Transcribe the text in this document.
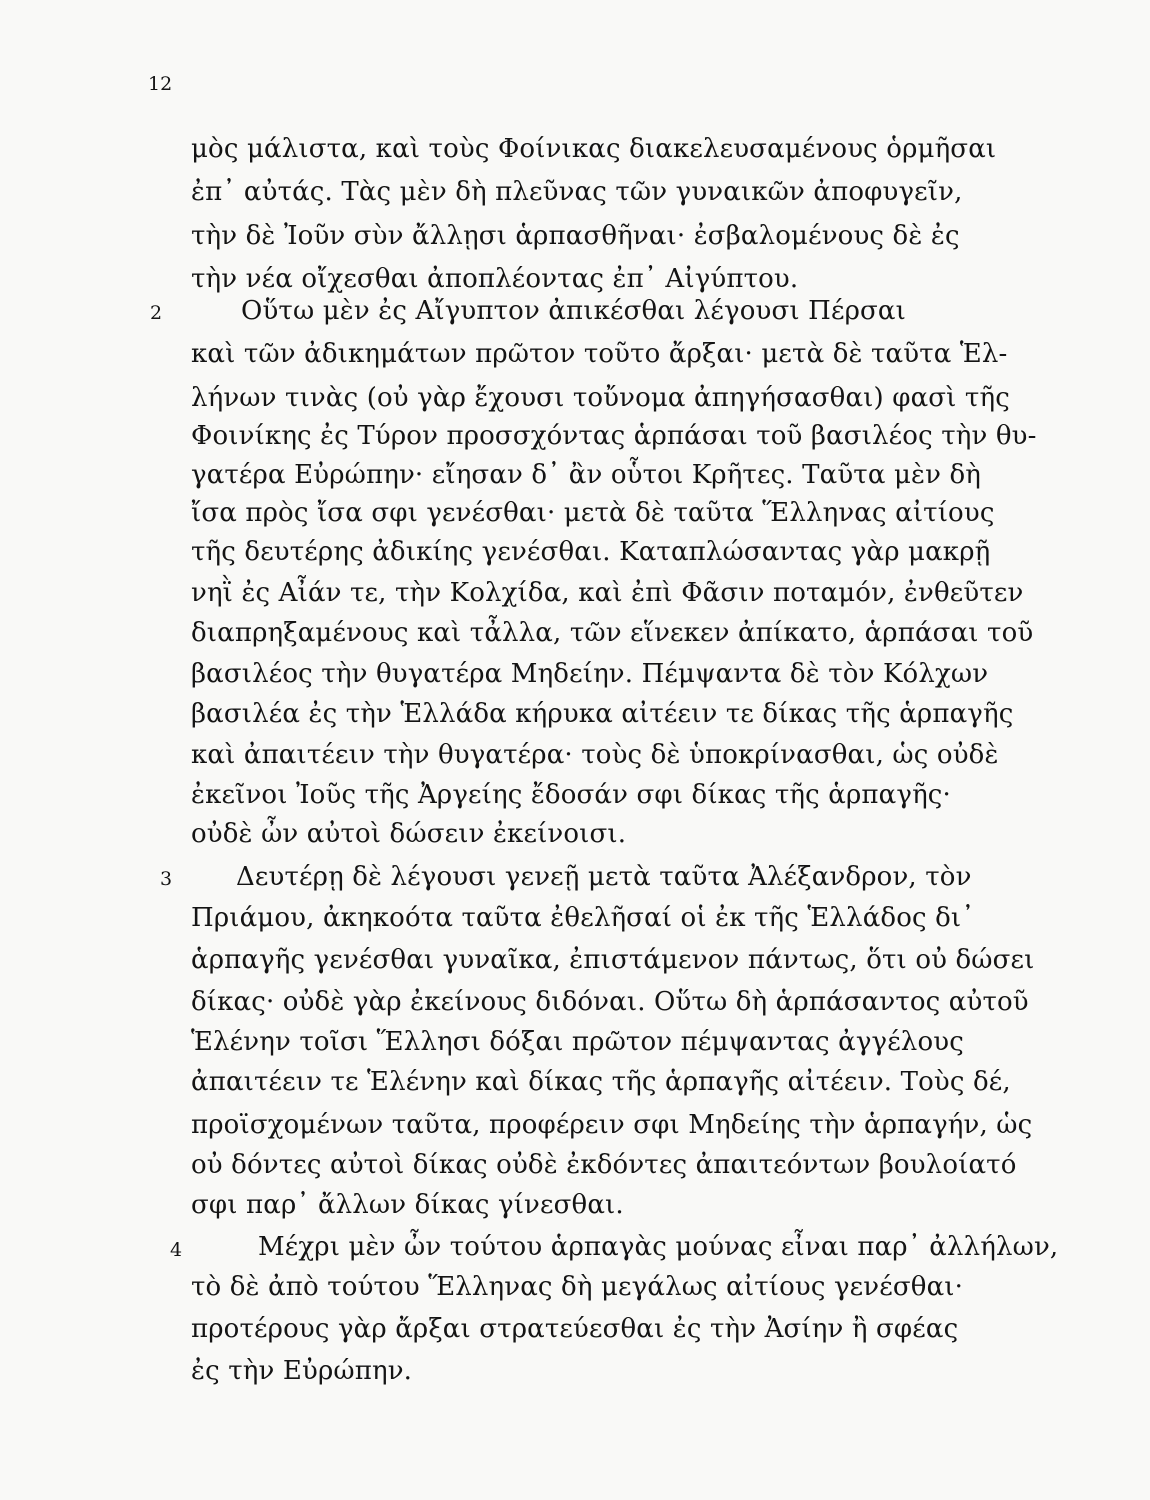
12
2
3
4
μὸς μάλιστα, καὶ τοὺς Φοίνικας διακελευσαμένους ὁρμῆσαι
ἐπ᾽ αὐτάς. Τὰς μὲν δὴ πλεῦνας τῶν γυναικῶν ἀποφυγεῖν,
τὴν δὲ Ἰοῦν σὺν ἄλλῃσι ἁρπασθῆναι· ἐσβαλομένους δὲ ἐς
τὴν νέα οἴχεσθαι ἀποπλέοντας ἐπ᾽ Αἰγύπτου.
Οὕτω μὲν ἐς Αἴγυπτον ἀπικέσθαι λέγουσι Πέρσαι
καὶ τῶν ἀδικημάτων πρῶτον τοῦτο ἄρξαι· μετὰ δὲ ταῦτα Ἑλ-
λήνων τινὰς (οὐ γὰρ ἔχουσι τοὔνομα ἀπηγήσασθαι) φασὶ τῆς
Φοινίκης ἐς Τύρον προσσχόντας ἁρπάσαι τοῦ βασιλέος τὴν θυ-
γατέρα Εὐρώπην· εἴησαν δ᾽ ἂν οὗτοι Κρῆτες. Ταῦτα μὲν δὴ
ἴσα πρὸς ἴσα σφι γενέσθαι· μετὰ δὲ ταῦτα Ἕλληνας αἰτίους
τῆς δευτέρης ἀδικίης γενέσθαι. Καταπλώσαντας γὰρ μακρῇ
νηῒ ἐς Αἶάν τε, τὴν Κολχίδα, καὶ ἐπὶ Φᾶσιν ποταμόν, ἐνθεῦτεν
διαπρηξαμένους καὶ τἆλλα, τῶν εἵνεκεν ἀπίκατο, ἁρπάσαι τοῦ
βασιλέος τὴν θυγατέρα Μηδείην. Πέμψαντα δὲ τὸν Κόλχων
βασιλέα ἐς τὴν Ἑλλάδα κήρυκα αἰτέειν τε δίκας τῆς ἁρπαγῆς
καὶ ἀπαιτέειν τὴν θυγατέρα· τοὺς δὲ ὑποκρίνασθαι, ὡς οὐδὲ
ἐκεῖνοι Ἰοῦς τῆς Ἀργείης ἔδοσάν σφι δίκας τῆς ἁρπαγῆς·
οὐδὲ ὦν αὐτοὶ δώσειν ἐκείνοισι.
Δευτέρῃ δὲ λέγουσι γενεῇ μετὰ ταῦτα Ἀλέξανδρον, τὸν
Πριάμου, ἀκηκοότα ταῦτα ἐθελῆσαί οἱ ἐκ τῆς Ἑλλάδος δι᾽
ἁρπαγῆς γενέσθαι γυναῖκα, ἐπιστάμενον πάντως, ὅτι οὐ δώσει
δίκας· οὐδὲ γὰρ ἐκείνους διδόναι. Οὕτω δὴ ἁρπάσαντος αὐτοῦ
Ἑλένην τοῖσι Ἕλλησι δόξαι πρῶτον πέμψαντας ἀγγέλους
ἀπαιτέειν τε Ἑλένην καὶ δίκας τῆς ἁρπαγῆς αἰτέειν. Τοὺς δέ,
προϊσχομένων ταῦτα, προφέρειν σφι Μηδείης τὴν ἁρπαγήν, ὡς
οὐ δόντες αὐτοὶ δίκας οὐδὲ ἐκδόντες ἀπαιτεόντων βουλοίατό
σφι παρ᾽ ἄλλων δίκας γίνεσθαι.
Μέχρι μὲν ὦν τούτου ἁρπαγὰς μούνας εἶναι παρ᾽ ἀλλήλων,
τὸ δὲ ἀπὸ τούτου Ἕλληνας δὴ μεγάλως αἰτίους γενέσθαι·
προτέρους γὰρ ἄρξαι στρατεύεσθαι ἐς τὴν Ἀσίην ἢ σφέας
ἐς τὴν Εὐρώπην.
